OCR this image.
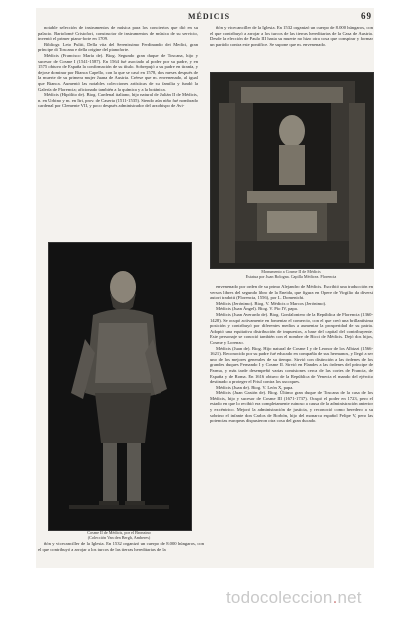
MÉDICIS	69

notable selección de instrumentos de música para los conciertos que dió en su palacio. Bartolomé Cristofori, constructor de instrumentos de música de su servicio, inventó el primer piano-forte en 1709.

Bibliogr. Leto Puliti, Della vita del Serenissimo Ferdinando dei Medici, gran príncipe di Toscana e della origine del pianoforte.

Médicis (Francisco María de). Biog. Segundo gran duque de Toscana, hijo y sucesor de Cosme I (1541-1587). En 1564 fué asociado al poder por su padre, y en 1575 obtuvo de España la confirmación de su título. Sobrepujó a su padre en tiranía, y dejose dominar por Bianca Capello, con la que se casó en 1578, dos meses después de la muerte de su primera mujer Juana de Austria. Créese que m. envenenado, al igual que Bianca. Aumentó las notables colecciones artísticas de su familia y fundó la Galería de Florencia; aficionado también a la química y a la botánica.

Médicis (Hipólito de). Biog. Cardenal italiano, hijo natural de Julián II de Médicis, n. en Urbino y m. en Itri, prov. de Caserta (1511-1535). Siendo aún niño fué nombrado cardenal por Clemente VII, y poco después administrador del arzobispo de Avi-

ñón y vicecanciller de la Iglesia. En 1532 organizó un cuerpo de 8.000 húngaros, con el que contribuyó a arrojar a los turcos de las tierras hereditarias de la Casa de Austria. Desde la elección de Paulo III hasta su muerte no hizo otra cosa que conspirar y formar un partido contra este pontífice. Se supone que m. envenenado.

Monumento a Cosme II de Médicis
Estatua por Juan Bologna. Capilla Médicea. Florencia

envenenado por orden de su primo Alejandro de Médicis. Escribió una traducción en versos libres del segundo libro de la Eneida, que figura en Opere de Virgilio da diversi autori tradotti (Florencia, 1556), por L. Domenichi.

Médicis (Jerónimo). Biog. V. Médicis o Marcos (Jerónimo).

Médicis (Juan Ángel). Biog. V. Pío IV, papa.

Médicis (Juan Averardo de). Biog. Gonfaloniero de la República de Florencia (1360-1428). Se ocupó activamente en fomentar el comercio, con el que creó una brillantísima posición y contribuyó por diferentes medios a aumentar la prosperidad de su patria. Adoptó una equitativa distribución de impuestos, a base del capital del contribuyente. Este personaje se conoció también con el nombre de Bicci de Médicis. Dejó dos hijos, Cosme y Lorenzo.

Médicis (Juan de). Biog. Hijo natural de Cosme I y de Leonor de los Albizzi (1566-1621). Reconocido por su padre fué educado en compañía de sus hermanos, y llegó a ser uno de los mejores generales de su tiempo. Sirvió con distinción a las órdenes de los grandes duques Fernando I y Cosme II. Sirvió en Flandes a las órdenes del príncipe de Parma, y más tarde desempeñó varias comisiones cerca de las cortes de Francia, de España y de Roma. En 1616 obtuvo de la República de Venecia el mando del ejército destinado a proteger el Friul contra los uscoques.

Médicis (Juan de). Biog. V. León X, papa.

Médicis (Juan Gastón de). Biog. Último gran duque de Toscana de la casa de los Médicis, hijo y sucesor de Cosme III (1671-1737). Ocupó el poder en 1723, pero el estado en que lo recibió era completamente ruinoso a causa de la administración anterior y excéntrico. Mejoró la administración de justicia, y reconoció como heredero a su sobrino el infante don Carlos de Borbón, hijo del monarca español Felipe V, pero las potencias europeas dispusieron otra cosa del gran ducado.

Cosme II de Médicis, por el Bronzino
(Colección Van den Bergh, Amberes)

ñón y vicecanciller de la Iglesia. En 1532 organizó un cuerpo de 8.000 húngaros, con el que contribuyó a arrojar a los turcos de las tierras hereditarias de la

todocoleccion.net
